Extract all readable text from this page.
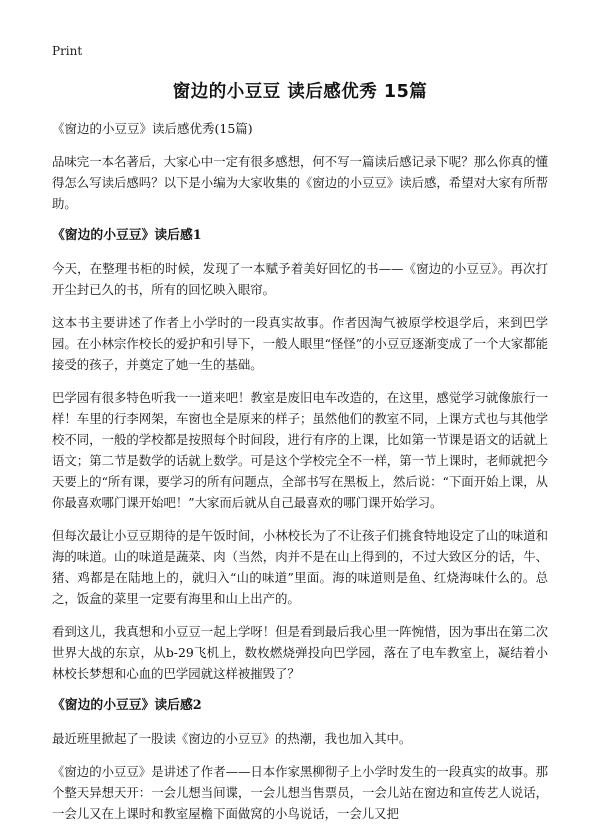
Print
窗边的小豆豆 读后感优秀 15篇
《窗边的小豆豆》读后感优秀(15篇)

品味完一本名著后，大家心中一定有很多感想，何不写一篇读后感记录下呢？那么你真的懂得怎么写读后感吗？以下是小编为大家收集的《窗边的小豆豆》读后感，希望对大家有所帮助。

《窗边的小豆豆》读后感1

今天，在整理书柜的时候，发现了一本赋予着美好回忆的书——《窗边的小豆豆》。再次打开尘封已久的书，所有的回忆映入眼帘。

这本书主要讲述了作者上小学时的一段真实故事。作者因淘气被原学校退学后，来到巴学园。在小林宗作校长的爱护和引导下，一般人眼里“怪怪”的小豆豆逐渐变成了一个大家都能接受的孩子，并奠定了她一生的基础。

巴学园有很多特色听我一一道来吧！教室是废旧电车改造的，在这里，感觉学习就像旅行一样！车里的行李网架，车窗也全是原来的样子；虽然他们的教室不同，上课方式也与其他学校不同，一般的学校都是按照每个时间段，进行有序的上课，比如第一节课是语文的话就上语文；第二节是数学的话就上数学。可是这个学校完全不一样，第一节上课时，老师就把今天要上的“所有课，要学习的所有问题点，全部书写在黑板上，然后说：“下面开始上课，从你最喜欢哪门课开始吧！”大家而后就从自己最喜欢的哪门课开始学习。

但每次最让小豆豆期待的是午饭时间，小林校长为了不让孩子们挑食特地设定了山的味道和海的味道。山的味道是蔬菜、肉（当然，肉并不是在山上得到的，不过大致区分的话，牛、猪、鸡都是在陆地上的，就归入“山的味道”里面。海的味道则是鱼、红烧海味什么的。总之，饭盒的菜里一定要有海里和山上出产的。

看到这儿，我真想和小豆豆一起上学呀！但是看到最后我心里一阵惋惜，因为事出在第二次世界大战的东京，从b-29飞机上，数枚燃烧弹投向巴学园，落在了电车教室上，凝结着小林校长梦想和心血的巴学园就这样被摧毁了？

《窗边的小豆豆》读后感2

最近班里掀起了一股读《窗边的小豆豆》的热潮，我也加入其中。

《窗边的小豆豆》是讲述了作者——日本作家黑柳彻子上小学时发生的一段真实的故事。那个整天异想天开：一会儿想当间谍，一会儿想当售票员，一会儿站在窗边和宣传艺人说话，一会儿又在上课时和教室屋檐下面做窝的小鸟说话，一会儿又把
